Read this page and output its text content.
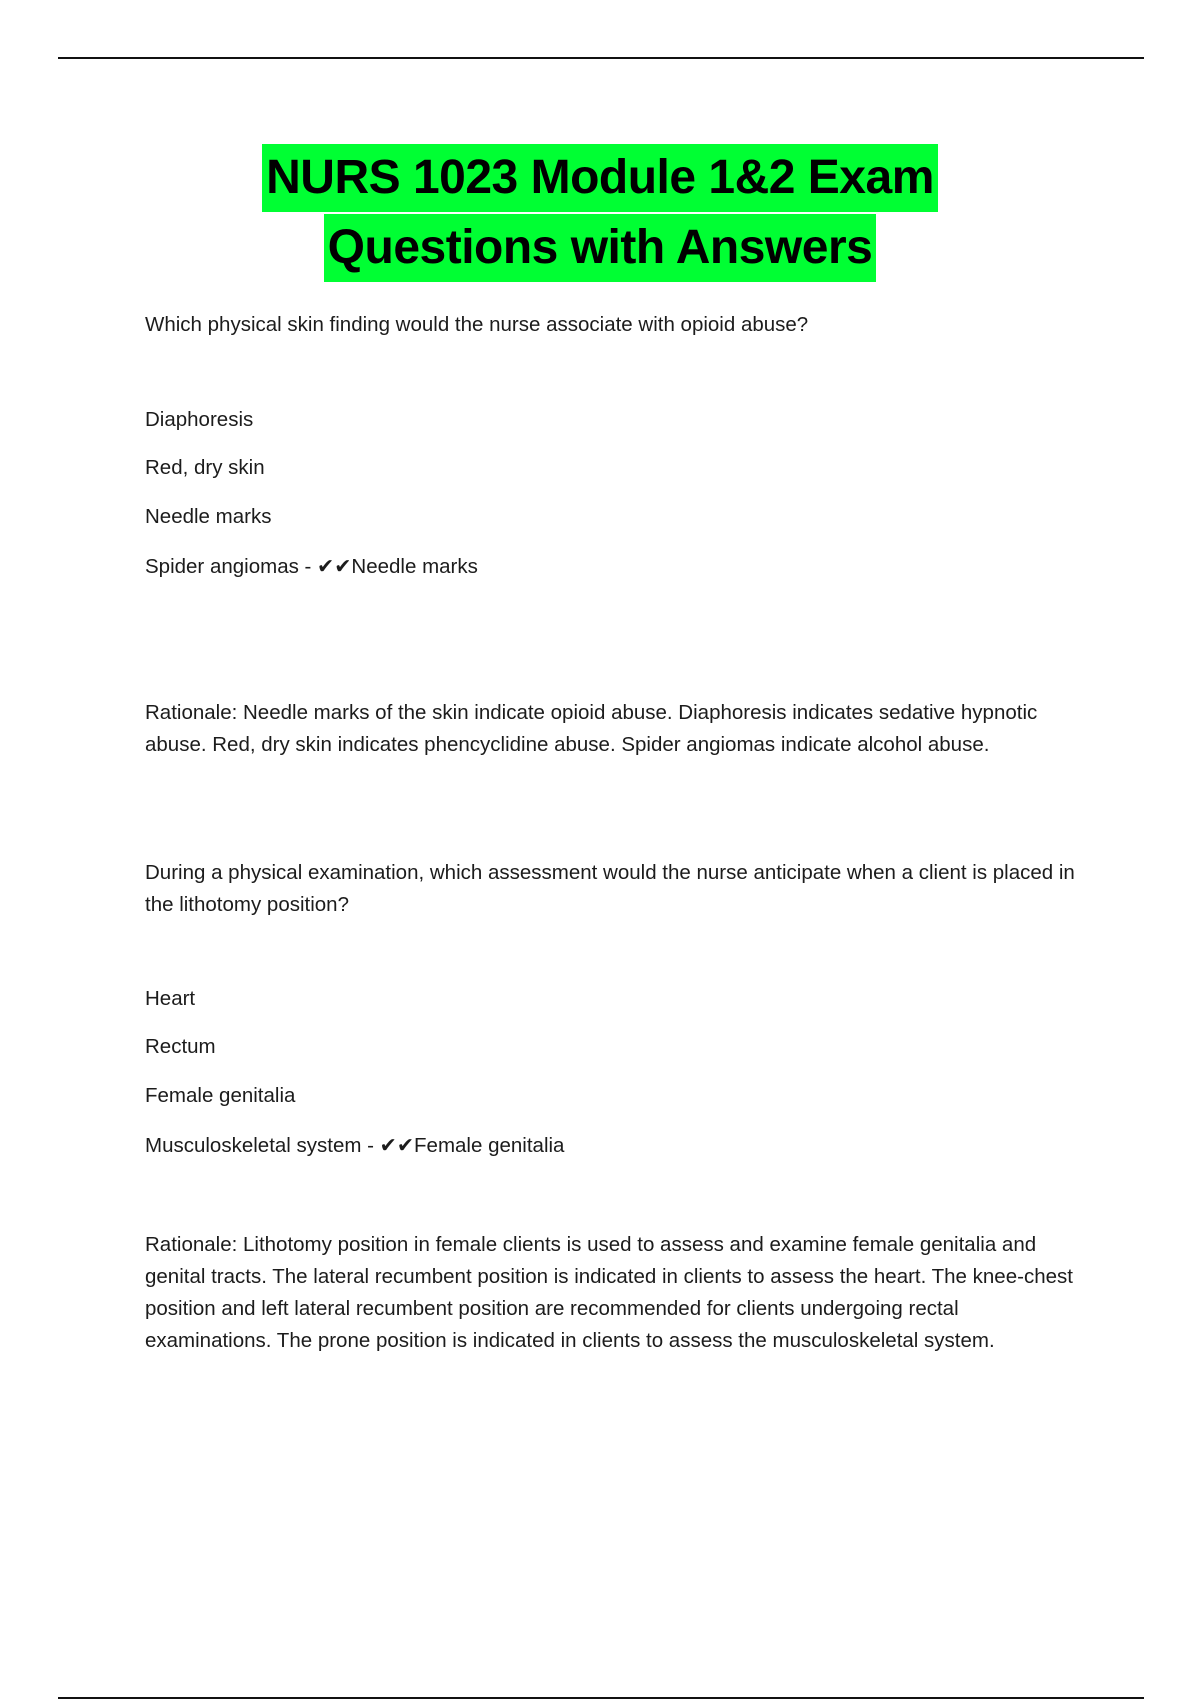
NURS 1023 Module 1&2 Exam
Questions with Answers

Which physical skin finding would the nurse associate with opioid abuse?

Diaphoresis

Red, dry skin

Needle marks

Spider angiomas - ✔✔Needle marks

Rationale: Needle marks of the skin indicate opioid abuse. Diaphoresis indicates sedative hypnotic abuse. Red, dry skin indicates phencyclidine abuse. Spider angiomas indicate alcohol abuse.

During a physical examination, which assessment would the nurse anticipate when a client is placed in the lithotomy position?

Heart

Rectum

Female genitalia

Musculoskeletal system - ✔✔Female genitalia

Rationale: Lithotomy position in female clients is used to assess and examine female genitalia and genital tracts. The lateral recumbent position is indicated in clients to assess the heart. The knee-chest position and left lateral recumbent position are recommended for clients undergoing rectal examinations. The prone position is indicated in clients to assess the musculoskeletal system.
